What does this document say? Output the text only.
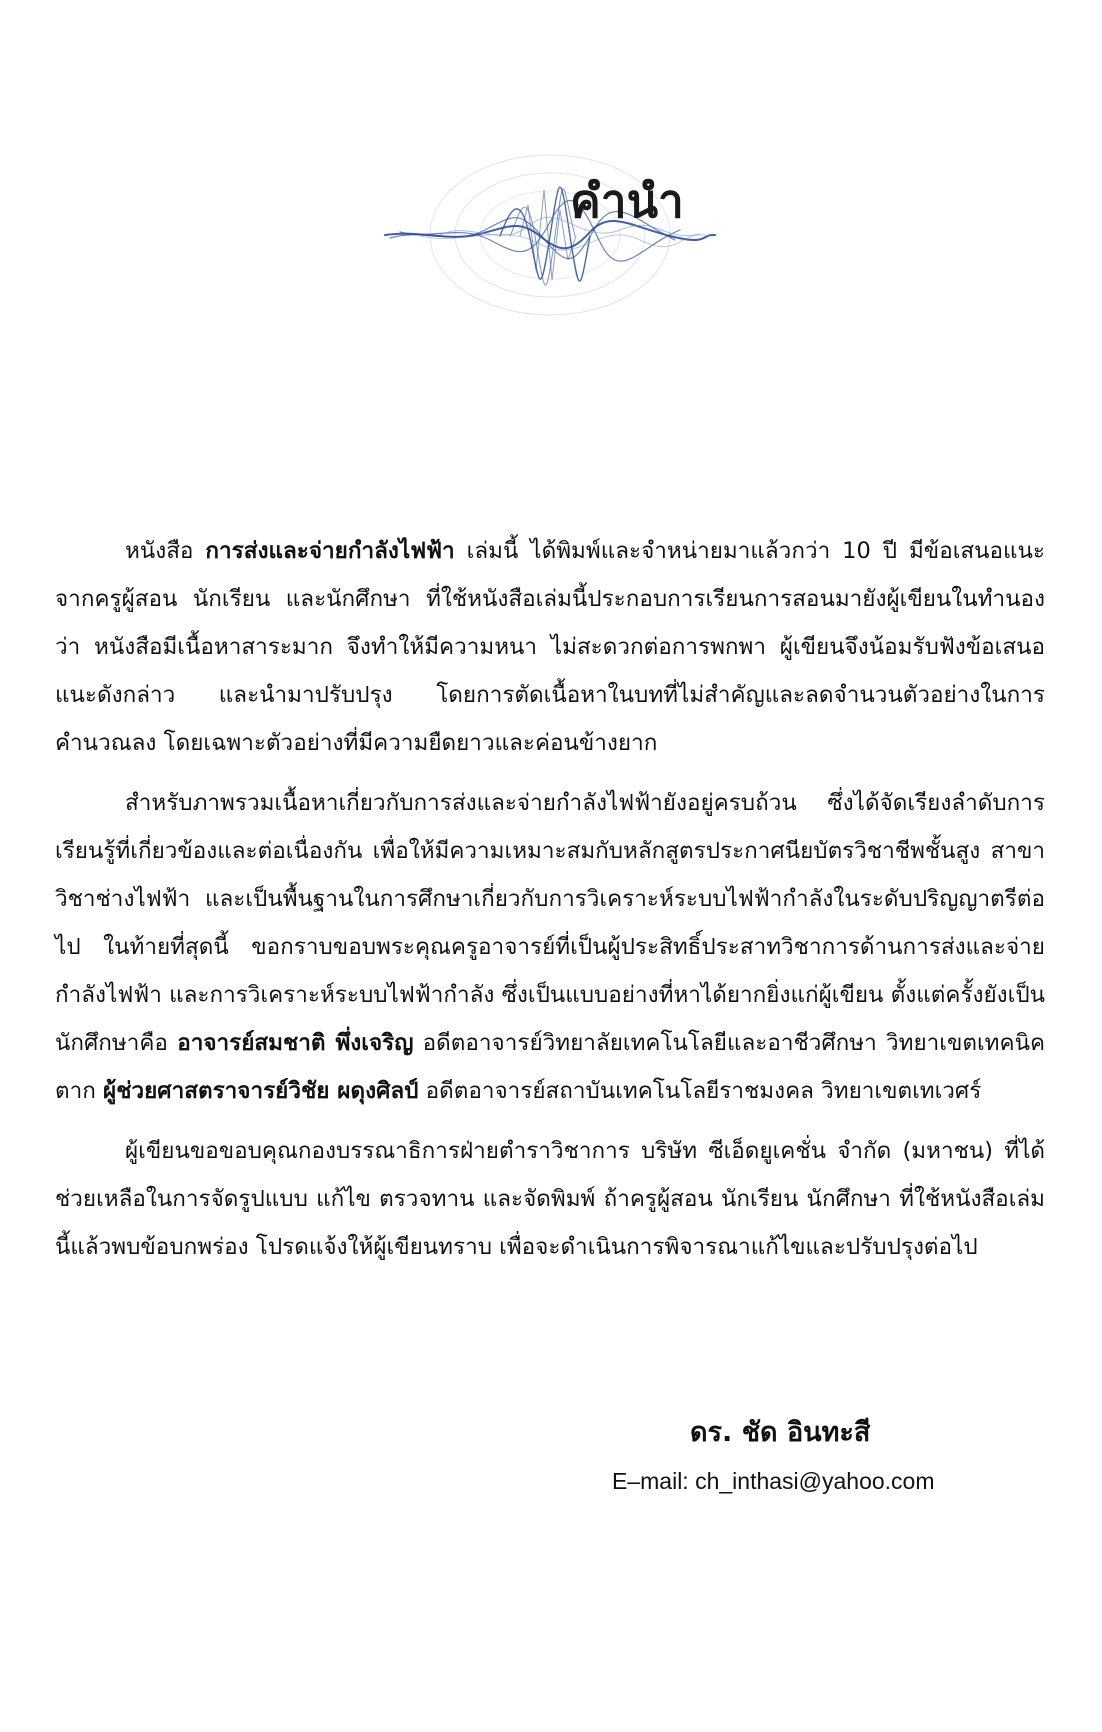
คำนำ

หนังสือ การส่งและจ่ายกำลังไฟฟ้า เล่มนี้ ได้พิมพ์และจำหน่ายมาแล้วกว่า 10 ปี มีข้อเสนอแนะจากครูผู้สอน นักเรียน และนักศึกษา ที่ใช้หนังสือเล่มนี้ประกอบการเรียนการสอนมายังผู้เขียนในทำนองว่า หนังสือมีเนื้อหาสาระมาก จึงทำให้มีความหนา ไม่สะดวกต่อการพกพา ผู้เขียนจึงน้อมรับฟังข้อเสนอแนะดังกล่าว และนำมาปรับปรุง โดยการตัดเนื้อหาในบทที่ไม่สำคัญและลดจำนวนตัวอย่างในการคำนวณลง โดยเฉพาะตัวอย่างที่มีความยืดยาวและค่อนข้างยาก

สำหรับภาพรวมเนื้อหาเกี่ยวกับการส่งและจ่ายกำลังไฟฟ้ายังอยู่ครบถ้วน ซึ่งได้จัดเรียงลำดับการเรียนรู้ที่เกี่ยวข้องและต่อเนื่องกัน เพื่อให้มีความเหมาะสมกับหลักสูตรประกาศนียบัตรวิชาชีพชั้นสูง สาขาวิชาช่างไฟฟ้า และเป็นพื้นฐานในการศึกษาเกี่ยวกับการวิเคราะห์ระบบไฟฟ้ากำลังในระดับปริญญาตรีต่อไป ในท้ายที่สุดนี้ ขอกราบขอบพระคุณครูอาจารย์ที่เป็นผู้ประสิทธิ์ประสาทวิชาการด้านการส่งและจ่ายกำลังไฟฟ้า และการวิเคราะห์ระบบไฟฟ้ากำลัง ซึ่งเป็นแบบอย่างที่หาได้ยากยิ่งแก่ผู้เขียน ตั้งแต่ครั้งยังเป็นนักศึกษาคือ อาจารย์สมชาติ พึ่งเจริญ อดีตอาจารย์วิทยาลัยเทคโนโลยีและอาชีวศึกษา วิทยาเขตเทคนิคตาก ผู้ช่วยศาสตราจารย์วิชัย ผดุงศิลป์ อดีตอาจารย์สถาบันเทคโนโลยีราชมงคล วิทยาเขตเทเวศร์

ผู้เขียนขอขอบคุณกองบรรณาธิการฝ่ายตำราวิชาการ บริษัท ซีเอ็ดยูเคชั่น จำกัด (มหาชน) ที่ได้ช่วยเหลือในการจัดรูปแบบ แก้ไข ตรวจทาน และจัดพิมพ์ ถ้าครูผู้สอน นักเรียน นักศึกษา ที่ใช้หนังสือเล่มนี้แล้วพบข้อบกพร่อง โปรดแจ้งให้ผู้เขียนทราบ เพื่อจะดำเนินการพิจารณาแก้ไขและปรับปรุงต่อไป

ดร. ชัด อินทะสี

E–mail: ch_inthasi@yahoo.com
